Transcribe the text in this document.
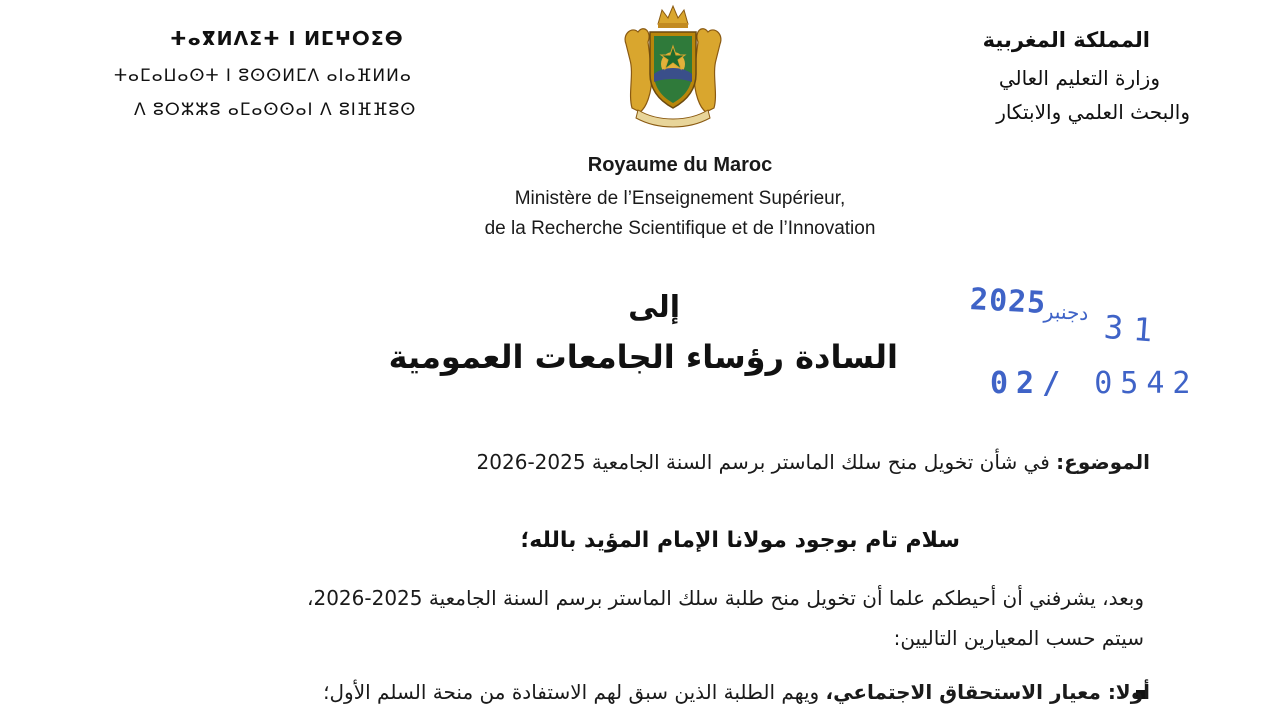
ⵜⴰⴳⵍⴷⵉⵜ ⵏ ⵍⵎⵖⵔⵉⴱ
ⵜⴰⵎⴰⵡⴰⵙⵜ ⵏ ⵓⵙⵙⵍⵎⴷ ⴰⵏⴰⴼⵍⵍⴰ
ⴷ ⵓⵔⵣⵣⵓ ⴰⵎⴰⵙⵙⴰⵏ ⴷ ⵓⵏⴼⴼⵓⵙ
المملكة المغربية
وزارة التعليم العالي
والبحث العلمي والابتكار
Royaume du Maroc
Ministère de l’Enseignement Supérieur,
de la Recherche Scientifique et de l’Innovation
إلى
السادة رؤساء الجامعات العمومية
2025
دجنبر 31
02/ 0542
الموضوع: في شأن تخويل منح سلك الماستر برسم السنة الجامعية 2025-2026
سلام تام بوجود مولانا الإمام المؤيد بالله؛
وبعد، يشرفني أن أحيطكم علما أن تخويل منح طلبة سلك الماستر برسم السنة الجامعية 2025-2026،
سيتم حسب المعيارين التاليين:
أولا: معيار الاستحقاق الاجتماعي، ويهم الطلبة الذين سبق لهم الاستفادة من منحة السلم الأول؛
